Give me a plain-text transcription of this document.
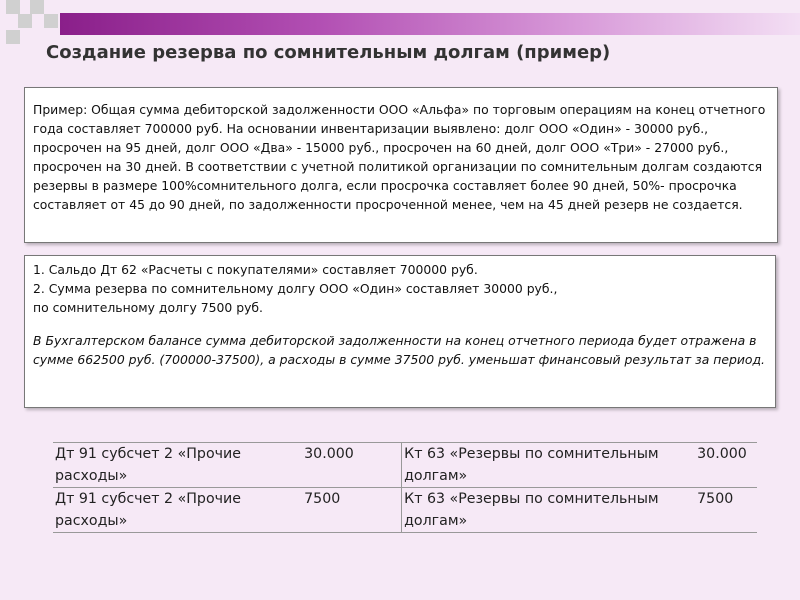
Создание резерва по сомнительным долгам (пример)

Пример: Общая сумма дебиторской задолженности ООО «Альфа» по торговым операциям на конец отчетного года составляет 700000 руб. На основании инвентаризации выявлено: долг ООО «Один» - 30000 руб., просрочен на 95 дней, долг ООО «Два» - 15000 руб., просрочен на 60 дней, долг ООО «Три» - 27000 руб., просрочен на 30 дней. В соответствии с учетной политикой организации по сомнительным долгам создаются резервы в размере 100%сомнительного долга, если просрочка составляет более 90 дней, 50%- просрочка составляет от 45 до 90 дней, по задолженности просроченной менее, чем на 45 дней резерв не создается.

1. Сальдо Дт 62 «Расчеты с покупателями» составляет 700000 руб.

2. Сумма резерва по сомнительному долгу ООО «Один» составляет 30000 руб.,

по сомнительному долгу 7500 руб.

В Бухгалтерском балансе сумма дебиторской задолженности на конец отчетного периода будет отражена в сумме 662500 руб. (700000-37500), а расходы в сумме 37500 руб. уменьшат финансовый результат за период.

Дт 91 субсчет 2 «Прочие расходы»	30.000	Кт 63 «Резервы по сомнительным долгам»	30.000
Дт 91 субсчет 2 «Прочие расходы»	7500	Кт 63 «Резервы по сомнительным долгам»	7500
